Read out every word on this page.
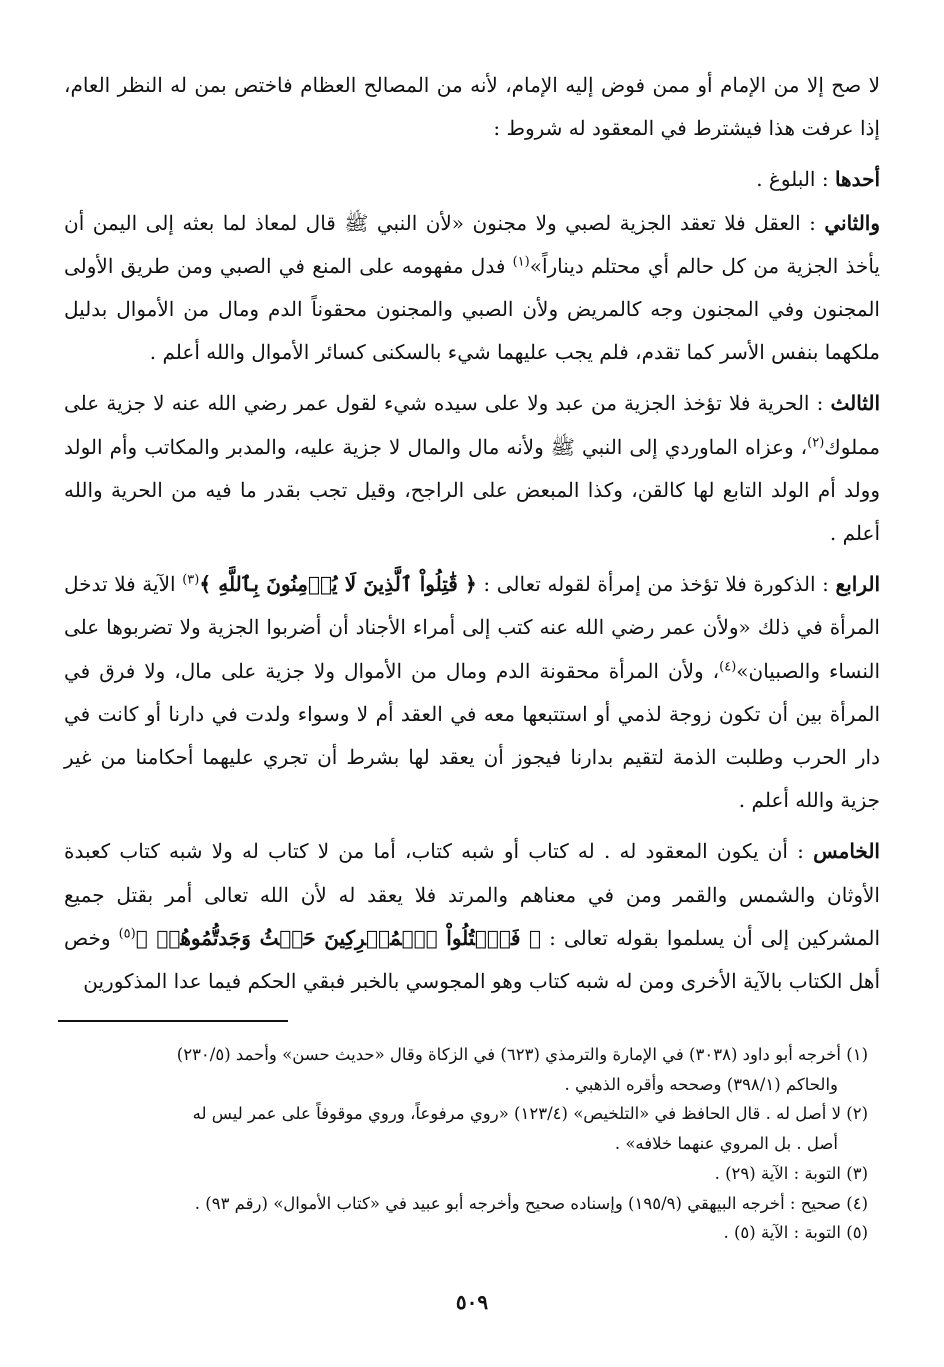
لا صح إلا من الإمام أو ممن فوض إليه الإمام، لأنه من المصالح العظام فاختص بمن له النظر العام، إذا عرفت هذا فيشترط في المعقود له شروط :

أحدها : البلوغ .

والثاني : العقل فلا تعقد الجزية لصبي ولا مجنون «لأن النبي ﷺ قال لمعاذ لما بعثه إلى اليمن أن يأخذ الجزية من كل حالم أي محتلم ديناراً»$^{(١)}$ فدل مفهومه على المنع في الصبي ومن طريق الأولى المجنون وفي المجنون وجه كالمريض ولأن الصبي والمجنون محقوناً الدم ومال من الأموال بدليل ملكهما بنفس الأسر كما تقدم، فلم يجب عليهما شيء بالسكنى كسائر الأموال والله أعلم .

الثالث : الحرية فلا تؤخذ الجزية من عبد ولا على سيده شيء لقول عمر رضي الله عنه لا جزية على مملوك$^{(٢)}$، وعزاه الماوردي إلى النبي ﷺ ولأنه مال والمال لا جزية عليه، والمدبر والمكاتب وأم الولد وولد أم الولد التابع لها كالقن، وكذا المبعض على الراجح، وقيل تجب بقدر ما فيه من الحرية والله أعلم .

الرابع : الذكورة فلا تؤخذ من إمرأة لقوله تعالى : ﴿ قَٰتِلُواْ ٱلَّذِينَ لَا يُؤۡمِنُونَ بِٱللَّهِ ﴾$^{(٣)}$ الآية فلا تدخل المرأة في ذلك «ولأن عمر رضي الله عنه كتب إلى أمراء الأجناد أن أضربوا الجزية ولا تضربوها على النساء والصبيان»$^{(٤)}$، ولأن المرأة محقونة الدم ومال من الأموال ولا جزية على مال، ولا فرق في المرأة بين أن تكون زوجة لذمي أو استتبعها معه في العقد أم لا وسواء ولدت في دارنا أو كانت في دار الحرب وطلبت الذمة لتقيم بدارنا فيجوز أن يعقد لها بشرط أن تجري عليهما أحكامنا من غير جزية والله أعلم .

الخامس : أن يكون المعقود له . له كتاب أو شبه كتاب، أما من لا كتاب له ولا شبه كتاب كعبدة الأوثان والشمس والقمر ومن في معناهم والمرتد فلا يعقد له لأن الله تعالى أمر بقتل جميع المشركين إلى أن يسلموا بقوله تعالى : ﴿ فَٱقۡتُلُواْ ٱلۡمُشۡرِكِينَ حَيۡثُ وَجَدتُّمُوهُمۡ ﴾$^{(٥)}$ وخص أهل الكتاب بالآية الأخرى ومن له شبه كتاب وهو المجوسي بالخبر فبقي الحكم فيما عدا المذكورين

(١) أخرجه أبو داود (٣٠٣٨) في الإمارة والترمذي (٦٢٣) في الزكاة وقال «حديث حسن» وأحمد (٢٣٠/٥)

والحاكم (٣٩٨/١) وصححه وأقره الذهبي .

(٢) لا أصل له . قال الحافظ في «التلخيص» (١٢٣/٤) «روي مرفوعاً، وروي موقوفاً على عمر ليس له

أصل . بل المروي عنهما خلافه» .

(٣) التوبة : الآية (٢٩) .

(٤) صحيح : أخرجه البيهقي (١٩٥/٩) وإسناده صحيح وأخرجه أبو عبيد في «كتاب الأموال» (رقم ٩٣) .

(٥) التوبة : الآية (٥) .

٥٠٩
